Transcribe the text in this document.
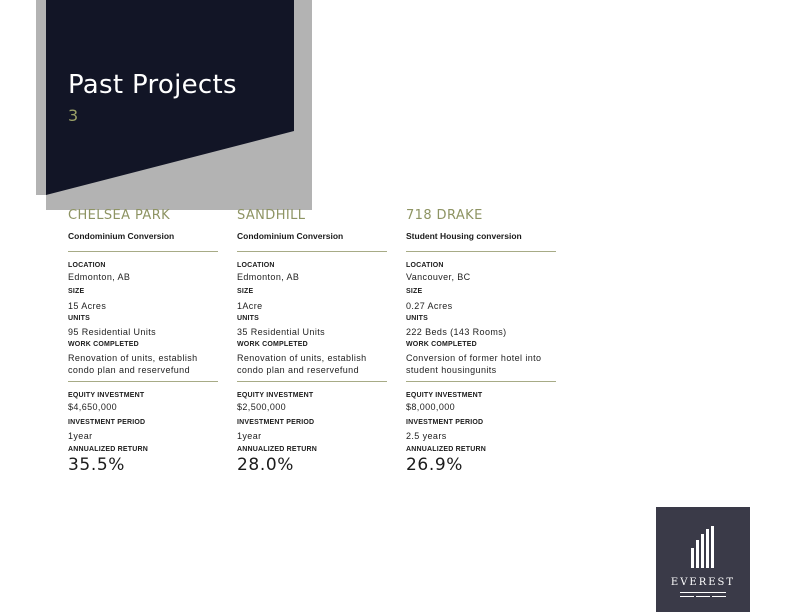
Past Projects
3
CHELSEA PARK
Condominium Conversion
LOCATION
Edmonton, AB
SIZE
15 Acres
UNITS
95 Residential Units
WORK COMPLETED
Renovation of units, establish condo plan and reservefund
EQUITY INVESTMENT
$4,650,000
INVESTMENT PERIOD
1year
ANNUALIZED RETURN
35.5%
SANDHILL
Condominium Conversion
LOCATION
Edmonton, AB
SIZE
1Acre
UNITS
35 Residential Units
WORK COMPLETED
Renovation of units, establish condo plan and reservefund
EQUITY INVESTMENT
$2,500,000
INVESTMENT PERIOD
1year
ANNUALIZED RETURN
28.0%
718 DRAKE
Student Housing conversion
LOCATION
Vancouver, BC
SIZE
0.27 Acres
UNITS
222 Beds (143 Rooms)
WORK COMPLETED
Conversion of former hotel into student housingunits
EQUITY INVESTMENT
$8,000,000
INVESTMENT PERIOD
2.5 years
ANNUALIZED RETURN
26.9%
EVEREST
